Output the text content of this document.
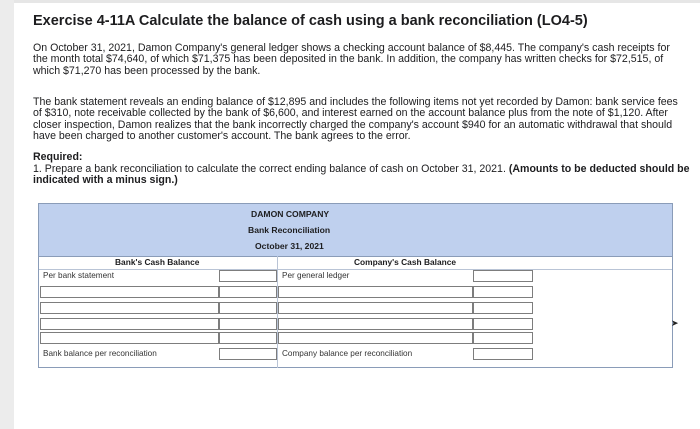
Exercise 4-11A Calculate the balance of cash using a bank reconciliation (LO4-5)
On October 31, 2021, Damon Company's general ledger shows a checking account balance of $8,445. The company's cash receipts for the month total $74,640, of which $71,375 has been deposited in the bank. In addition, the company has written checks for $72,515, of which $71,270 has been processed by the bank.
The bank statement reveals an ending balance of $12,895 and includes the following items not yet recorded by Damon: bank service fees of $310, note receivable collected by the bank of $6,600, and interest earned on the account balance plus from the note of $1,120. After closer inspection, Damon realizes that the bank incorrectly charged the company's account $940 for an automatic withdrawal that should have been charged to another customer's account. The bank agrees to the error.
Required:
1. Prepare a bank reconciliation to calculate the correct ending balance of cash on October 31, 2021. (Amounts to be deducted should be indicated with a minus sign.)
DAMON COMPANY
Bank Reconciliation
October 31, 2021
Bank's Cash Balance	Company's Cash Balance
Per bank statement	Per general ledger
Bank balance per reconciliation	Company balance per reconciliation
➤
